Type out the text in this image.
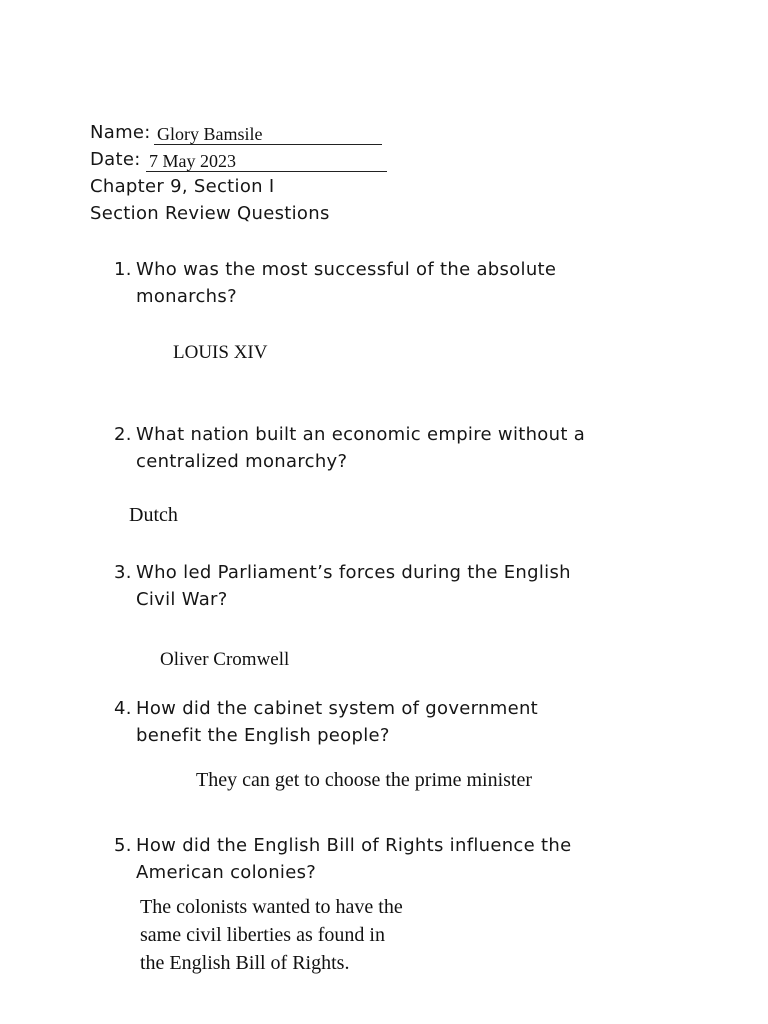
Name: Glory Bamsile
Date: 7 May 2023
Chapter 9, Section I
Section Review Questions
1. Who was the most successful of the absolute
monarchs?
LOUIS XIV
2. What nation built an economic empire without a
centralized monarchy?
Dutch
3. Who led Parliament’s forces during the English
Civil War?
Oliver Cromwell
4. How did the cabinet system of government
benefit the English people?
They can get to choose the prime minister
5. How did the English Bill of Rights influence the
American colonies?
The colonists wanted to have the
same civil liberties as found in
the English Bill of Rights.
